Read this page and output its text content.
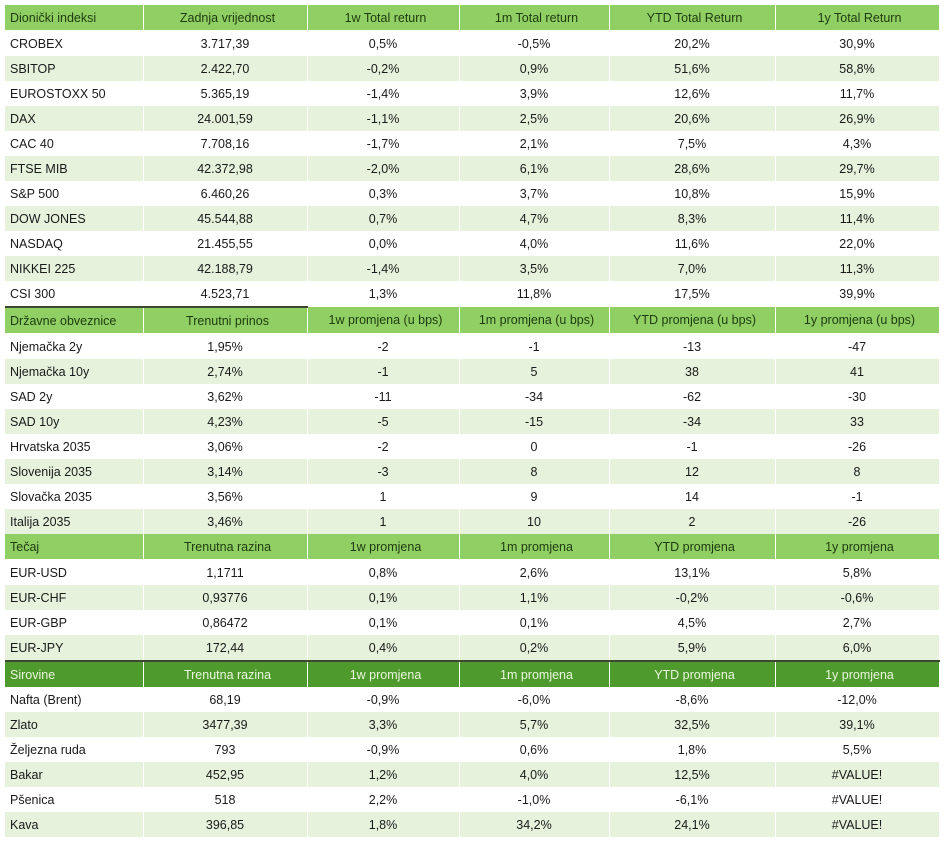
Dionički indeksi	Zadnja vrijednost	1w Total return	1m Total return	YTD Total Return	1y Total Return
CROBEX	3.717,39	0,5%	-0,5%	20,2%	30,9%
SBITOP	2.422,70	-0,2%	0,9%	51,6%	58,8%
EUROSTOXX 50	5.365,19	-1,4%	3,9%	12,6%	11,7%
DAX	24.001,59	-1,1%	2,5%	20,6%	26,9%
CAC 40	7.708,16	-1,7%	2,1%	7,5%	4,3%
FTSE MIB	42.372,98	-2,0%	6,1%	28,6%	29,7%
S&P 500	6.460,26	0,3%	3,7%	10,8%	15,9%
DOW JONES	45.544,88	0,7%	4,7%	8,3%	11,4%
NASDAQ	21.455,55	0,0%	4,0%	11,6%	22,0%
NIKKEI 225	42.188,79	-1,4%	3,5%	7,0%	11,3%
CSI 300	4.523,71	1,3%	11,8%	17,5%	39,9%
Državne obveznice	Trenutni prinos	1w promjena (u bps)	1m promjena (u bps)	YTD promjena (u bps)	1y promjena (u bps)
Njemačka 2y	1,95%	-2	-1	-13	-47
Njemačka 10y	2,74%	-1	5	38	41
SAD 2y	3,62%	-11	-34	-62	-30
SAD 10y	4,23%	-5	-15	-34	33
Hrvatska 2035	3,06%	-2	0	-1	-26
Slovenija 2035	3,14%	-3	8	12	8
Slovačka 2035	3,56%	1	9	14	-1
Italija 2035	3,46%	1	10	2	-26
Tečaj	Trenutna razina	1w promjena	1m promjena	YTD promjena	1y promjena
EUR-USD	1,1711	0,8%	2,6%	13,1%	5,8%
EUR-CHF	0,93776	0,1%	1,1%	-0,2%	-0,6%
EUR-GBP	0,86472	0,1%	0,1%	4,5%	2,7%
EUR-JPY	172,44	0,4%	0,2%	5,9%	6,0%
Sirovine	Trenutna razina	1w promjena	1m promjena	YTD promjena	1y promjena
Nafta (Brent)	68,19	-0,9%	-6,0%	-8,6%	-12,0%
Zlato	3477,39	3,3%	5,7%	32,5%	39,1%
Željezna ruda	793	-0,9%	0,6%	1,8%	5,5%
Bakar	452,95	1,2%	4,0%	12,5%	#VALUE!
Pšenica	518	2,2%	-1,0%	-6,1%	#VALUE!
Kava	396,85	1,8%	34,2%	24,1%	#VALUE!
